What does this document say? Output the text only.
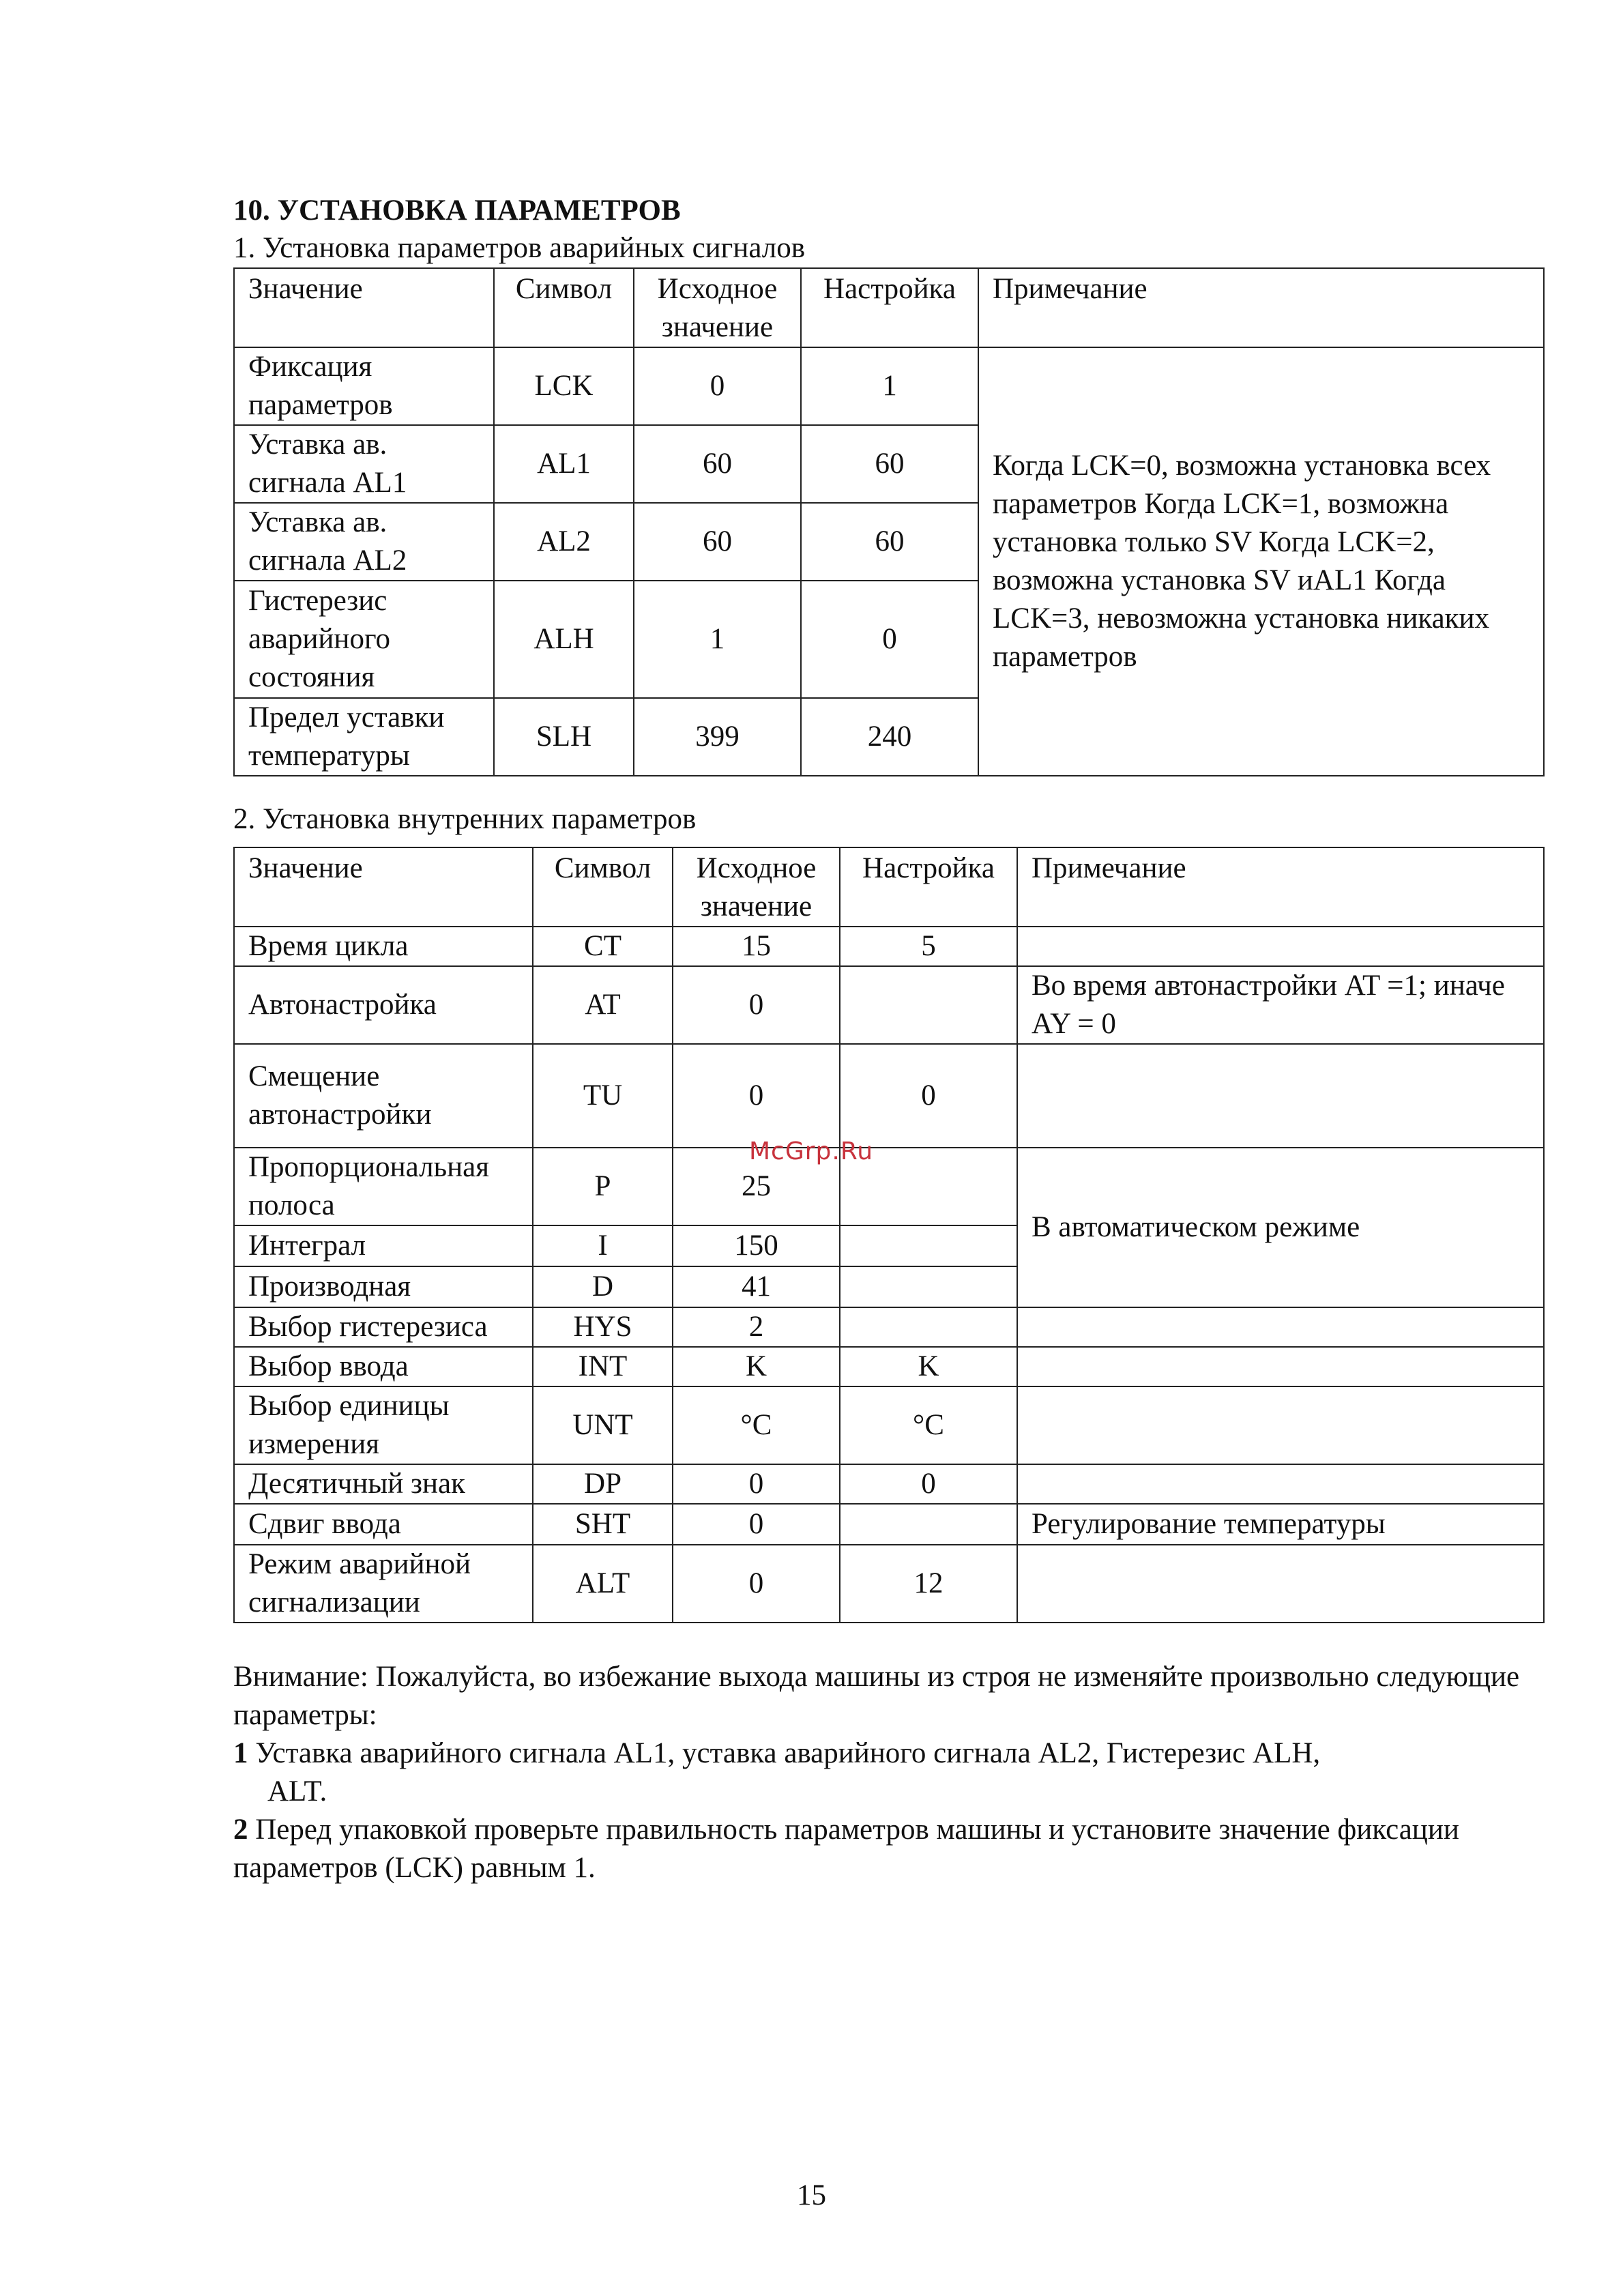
10. УСТАНОВКА ПАРАМЕТРОВ
1. Установка параметров аварийных сигналов
Значение	Символ	Исходное значение	Настройка	Примечание
Фиксация параметров	LCK	0	1	Когда LCK=0, возможна установка всех параметров Когда LCK=1, возможна установка только SV Когда LCK=2, возможна установка SV иAL1 Когда LCK=3, невозможна установка никаких параметров
Уставка ав. сигнала AL1	AL1	60	60	
Уставка ав. сигнала AL2	AL2	60	60	
Гистерезис аварийного состояния	ALH	1	0	
Предел уставки температуры	SLH	399	240	
2. Установка внутренних параметров
Значение	Символ	Исходное значение	Настройка	Примечание
Время цикла	CT	15	5	
Автонастройка	AT	0		Во время автонастройки AT =1; иначе AY = 0
Смещение автонастройки	TU	0	0	
Пропорциональная полоса	P	25		В автоматическом режиме
Интеграл	I	150		
Производная	D	41		
Выбор гистерезиса	HYS	2		
Выбор ввода	INT	K	K	
Выбор единицы измерения	UNT	°C	°C	
Десятичный знак	DP	0	0	
Сдвиг ввода	SHT	0		Регулирование температуры
Режим аварийной сигнализации	ALT	0	12	

Внимание: Пожалуйста, во избежание выхода машины из строя не изменяйте произвольно следующие параметры:

1 Уставка аварийного сигнала AL1, уставка аварийного сигнала AL2, Гистерезис ALH,

ALT.

2 Перед упаковкой проверьте правильность параметров машины и установите значение фиксации параметров (LCK) равным 1.

McGrp.Ru
15
